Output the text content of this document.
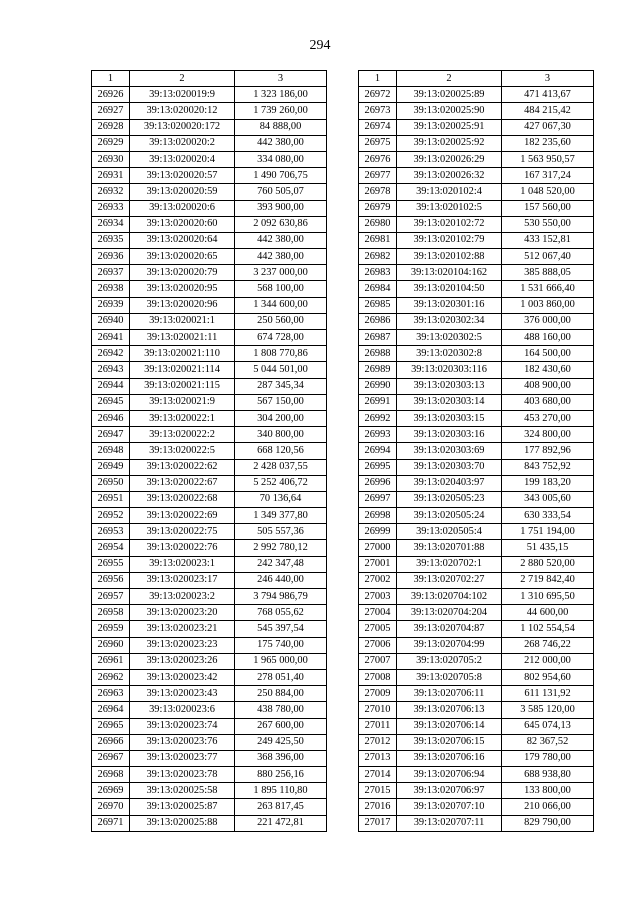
294
1	2	3
26926	39:13:020019:9	1 323 186,00
26927	39:13:020020:12	1 739 260,00
26928	39:13:020020:172	84 888,00
26929	39:13:020020:2	442 380,00
26930	39:13:020020:4	334 080,00
26931	39:13:020020:57	1 490 706,75
26932	39:13:020020:59	760 505,07
26933	39:13:020020:6	393 900,00
26934	39:13:020020:60	2 092 630,86
26935	39:13:020020:64	442 380,00
26936	39:13:020020:65	442 380,00
26937	39:13:020020:79	3 237 000,00
26938	39:13:020020:95	568 100,00
26939	39:13:020020:96	1 344 600,00
26940	39:13:020021:1	250 560,00
26941	39:13:020021:11	674 728,00
26942	39:13:020021:110	1 808 770,86
26943	39:13:020021:114	5 044 501,00
26944	39:13:020021:115	287 345,34
26945	39:13:020021:9	567 150,00
26946	39:13:020022:1	304 200,00
26947	39:13:020022:2	340 800,00
26948	39:13:020022:5	668 120,56
26949	39:13:020022:62	2 428 037,55
26950	39:13:020022:67	5 252 406,72
26951	39:13:020022:68	70 136,64
26952	39:13:020022:69	1 349 377,80
26953	39:13:020022:75	505 557,36
26954	39:13:020022:76	2 992 780,12
26955	39:13:020023:1	242 347,48
26956	39:13:020023:17	246 440,00
26957	39:13:020023:2	3 794 986,79
26958	39:13:020023:20	768 055,62
26959	39:13:020023:21	545 397,54
26960	39:13:020023:23	175 740,00
26961	39:13:020023:26	1 965 000,00
26962	39:13:020023:42	278 051,40
26963	39:13:020023:43	250 884,00
26964	39:13:020023:6	438 780,00
26965	39:13:020023:74	267 600,00
26966	39:13:020023:76	249 425,50
26967	39:13:020023:77	368 396,00
26968	39:13:020023:78	880 256,16
26969	39:13:020025:58	1 895 110,80
26970	39:13:020025:87	263 817,45
26971	39:13:020025:88	221 472,81
1	2	3
26972	39:13:020025:89	471 413,67
26973	39:13:020025:90	484 215,42
26974	39:13:020025:91	427 067,30
26975	39:13:020025:92	182 235,60
26976	39:13:020026:29	1 563 950,57
26977	39:13:020026:32	167 317,24
26978	39:13:020102:4	1 048 520,00
26979	39:13:020102:5	157 560,00
26980	39:13:020102:72	530 550,00
26981	39:13:020102:79	433 152,81
26982	39:13:020102:88	512 067,40
26983	39:13:020104:162	385 888,05
26984	39:13:020104:50	1 531 666,40
26985	39:13:020301:16	1 003 860,00
26986	39:13:020302:34	376 000,00
26987	39:13:020302:5	488 160,00
26988	39:13:020302:8	164 500,00
26989	39:13:020303:116	182 430,60
26990	39:13:020303:13	408 900,00
26991	39:13:020303:14	403 680,00
26992	39:13:020303:15	453 270,00
26993	39:13:020303:16	324 800,00
26994	39:13:020303:69	177 892,96
26995	39:13:020303:70	843 752,92
26996	39:13:020403:97	199 183,20
26997	39:13:020505:23	343 005,60
26998	39:13:020505:24	630 333,54
26999	39:13:020505:4	1 751 194,00
27000	39:13:020701:88	51 435,15
27001	39:13:020702:1	2 880 520,00
27002	39:13:020702:27	2 719 842,40
27003	39:13:020704:102	1 310 695,50
27004	39:13:020704:204	44 600,00
27005	39:13:020704:87	1 102 554,54
27006	39:13:020704:99	268 746,22
27007	39:13:020705:2	212 000,00
27008	39:13:020705:8	802 954,60
27009	39:13:020706:11	611 131,92
27010	39:13:020706:13	3 585 120,00
27011	39:13:020706:14	645 074,13
27012	39:13:020706:15	82 367,52
27013	39:13:020706:16	179 780,00
27014	39:13:020706:94	688 938,80
27015	39:13:020706:97	133 800,00
27016	39:13:020707:10	210 066,00
27017	39:13:020707:11	829 790,00
